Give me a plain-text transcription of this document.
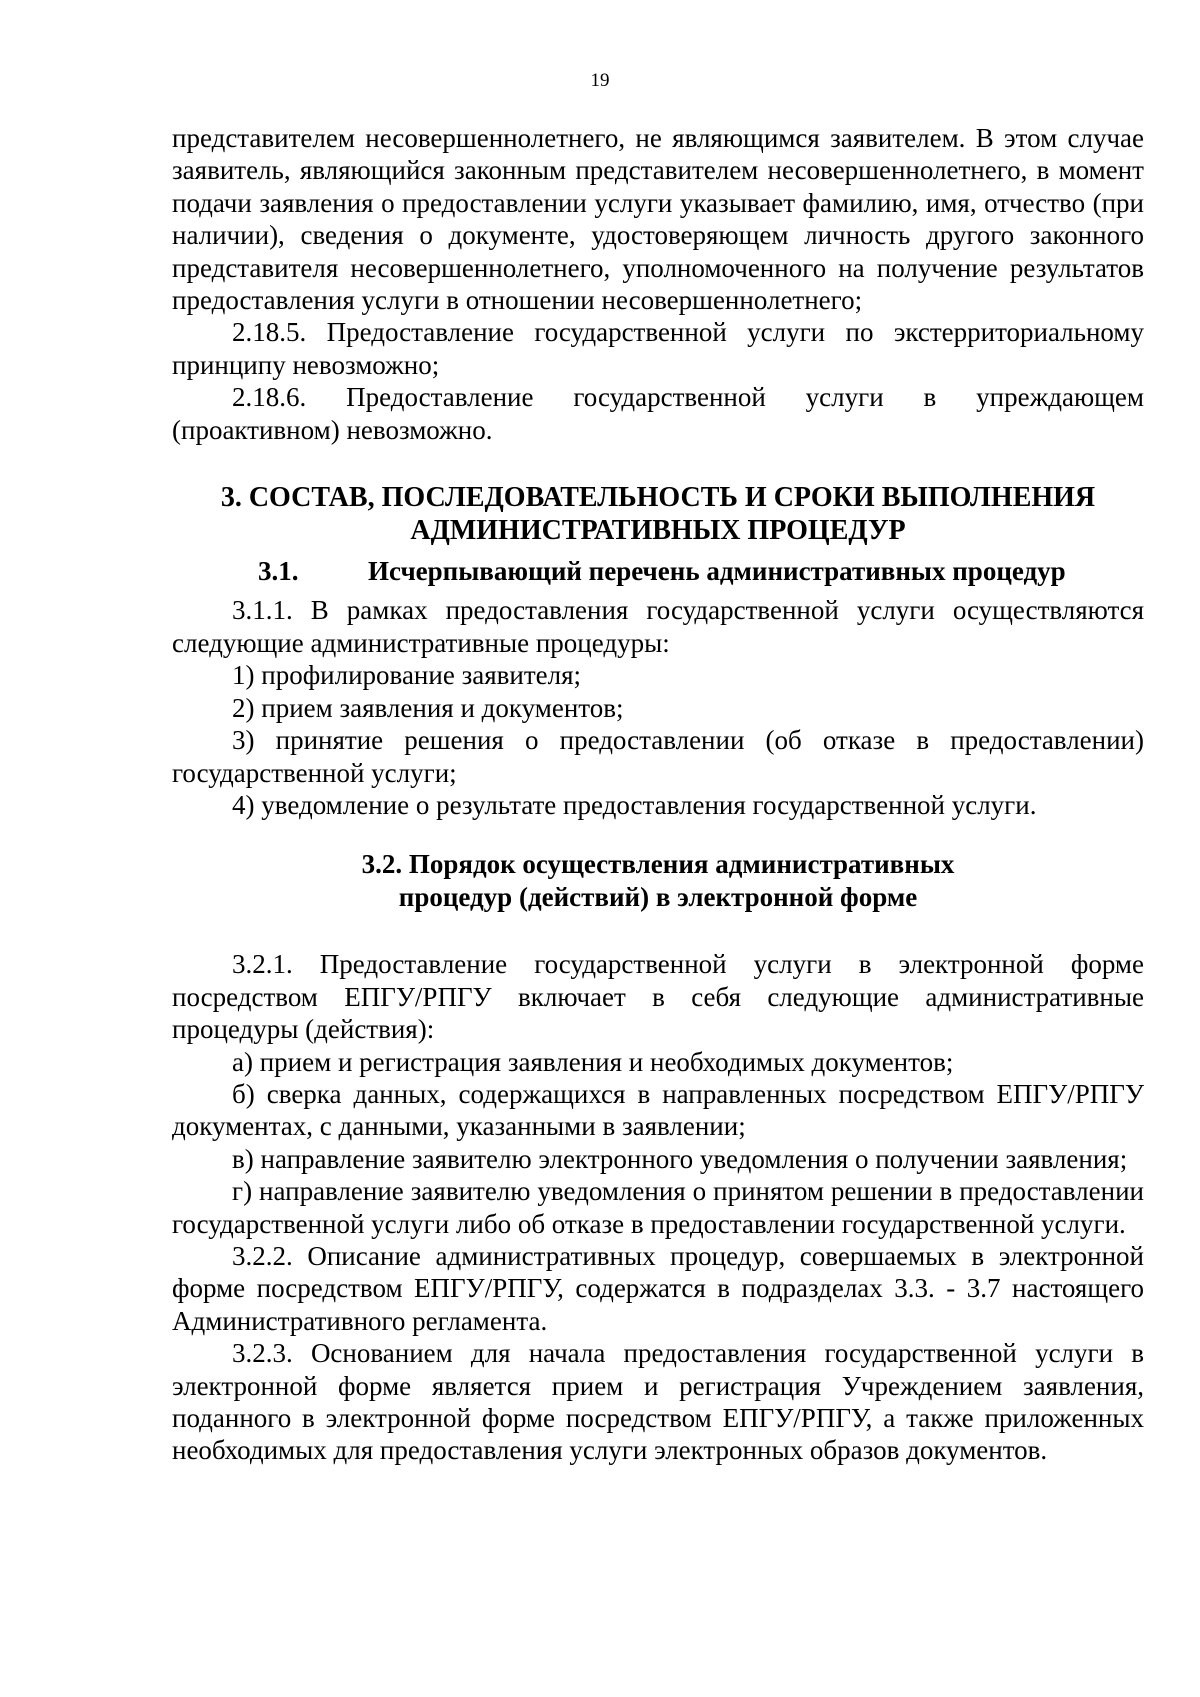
19

представителем несовершеннолетнего, не являющимся заявителем. В этом случае заявитель, являющийся законным представителем несовершеннолетнего, в момент подачи заявления о предоставлении услуги указывает фамилию, имя, отчество (при наличии), сведения о документе, удостоверяющем личность другого законного представителя несовершеннолетнего, уполномоченного на получение результатов предоставления услуги в отношении несовершеннолетнего;

2.18.5. Предоставление государственной услуги по экстерриториальному принципу невозможно;

2.18.6. Предоставление государственной услуги в упреждающем (проактивном) невозможно.

3. СОСТАВ, ПОСЛЕДОВАТЕЛЬНОСТЬ И СРОКИ ВЫПОЛНЕНИЯ
АДМИНИСТРАТИВНЫХ ПРОЦЕДУР
3.1.	Исчерпывающий перечень административных процедур

3.1.1. В рамках предоставления государственной услуги осуществляются следующие административные процедуры:

1) профилирование заявителя;

2) прием заявления и документов;

3) принятие решения о предоставлении (об отказе в предоставлении) государственной услуги;

4) уведомление о результате предоставления государственной услуги.

3.2. Порядок осуществления административных
процедур (действий) в электронной форме

3.2.1. Предоставление государственной услуги в электронной форме посредством ЕПГУ/РПГУ включает в себя следующие административные процедуры (действия):

а) прием и регистрация заявления и необходимых документов;

б) сверка данных, содержащихся в направленных посредством ЕПГУ/РПГУ документах, с данными, указанными в заявлении;

в) направление заявителю электронного уведомления о получении заявления;

г) направление заявителю уведомления о принятом решении в предоставлении государственной услуги либо об отказе в предоставлении государственной услуги.

3.2.2. Описание административных процедур, совершаемых в электронной форме посредством ЕПГУ/РПГУ, содержатся в подразделах 3.3. - 3.7 настоящего Административного регламента.

3.2.3. Основанием для начала предоставления государственной услуги в электронной форме является прием и регистрация Учреждением заявления, поданного в электронной форме посредством ЕПГУ/РПГУ, а также приложенных необходимых для предоставления услуги электронных образов документов.
